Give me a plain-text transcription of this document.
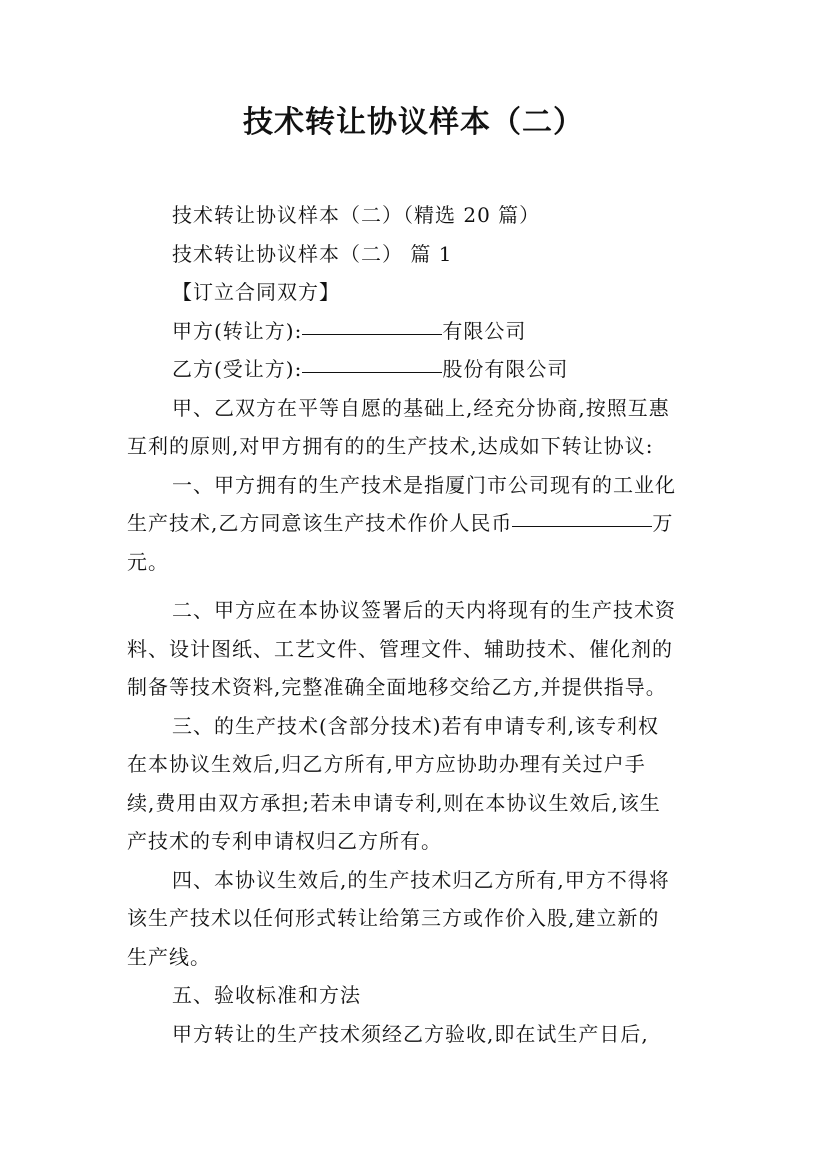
技术转让协议样本（二）
技术转让协议样本（二）（精选 20 篇）
技术转让协议样本（二） 篇 1
【订立合同双方】
甲方(转让方):	有限公司
乙方(受让方):	股份有限公司
甲、乙双方在平等自愿的基础上,经充分协商,按照互惠
互利的原则,对甲方拥有的的生产技术,达成如下转让协议:
一、甲方拥有的生产技术是指厦门市公司现有的工业化
生产技术,乙方同意该生产技术作价人民币	万
元。
二、甲方应在本协议签署后的天内将现有的生产技术资
料、设计图纸、工艺文件、管理文件、辅助技术、催化剂的
制备等技术资料,完整准确全面地移交给乙方,并提供指导。
三、的生产技术(含部分技术)若有申请专利,该专利权
在本协议生效后,归乙方所有,甲方应协助办理有关过户手
续,费用由双方承担;若未申请专利,则在本协议生效后,该生
产技术的专利申请权归乙方所有。
四、本协议生效后,的生产技术归乙方所有,甲方不得将
该生产技术以任何形式转让给第三方或作价入股,建立新的
生产线。
五、验收标准和方法
甲方转让的生产技术须经乙方验收,即在试生产日后,
